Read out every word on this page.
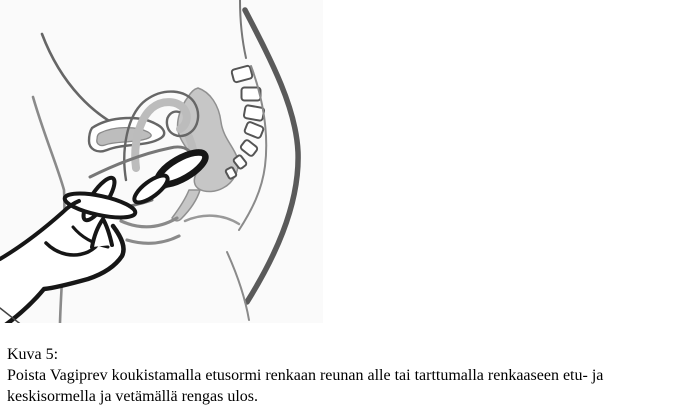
Kuva 5:

Poista Vagiprev koukistamalla etusormi renkaan reunan alle tai tarttumalla renkaaseen etu- ja keskisormella ja vetämällä rengas ulos.
